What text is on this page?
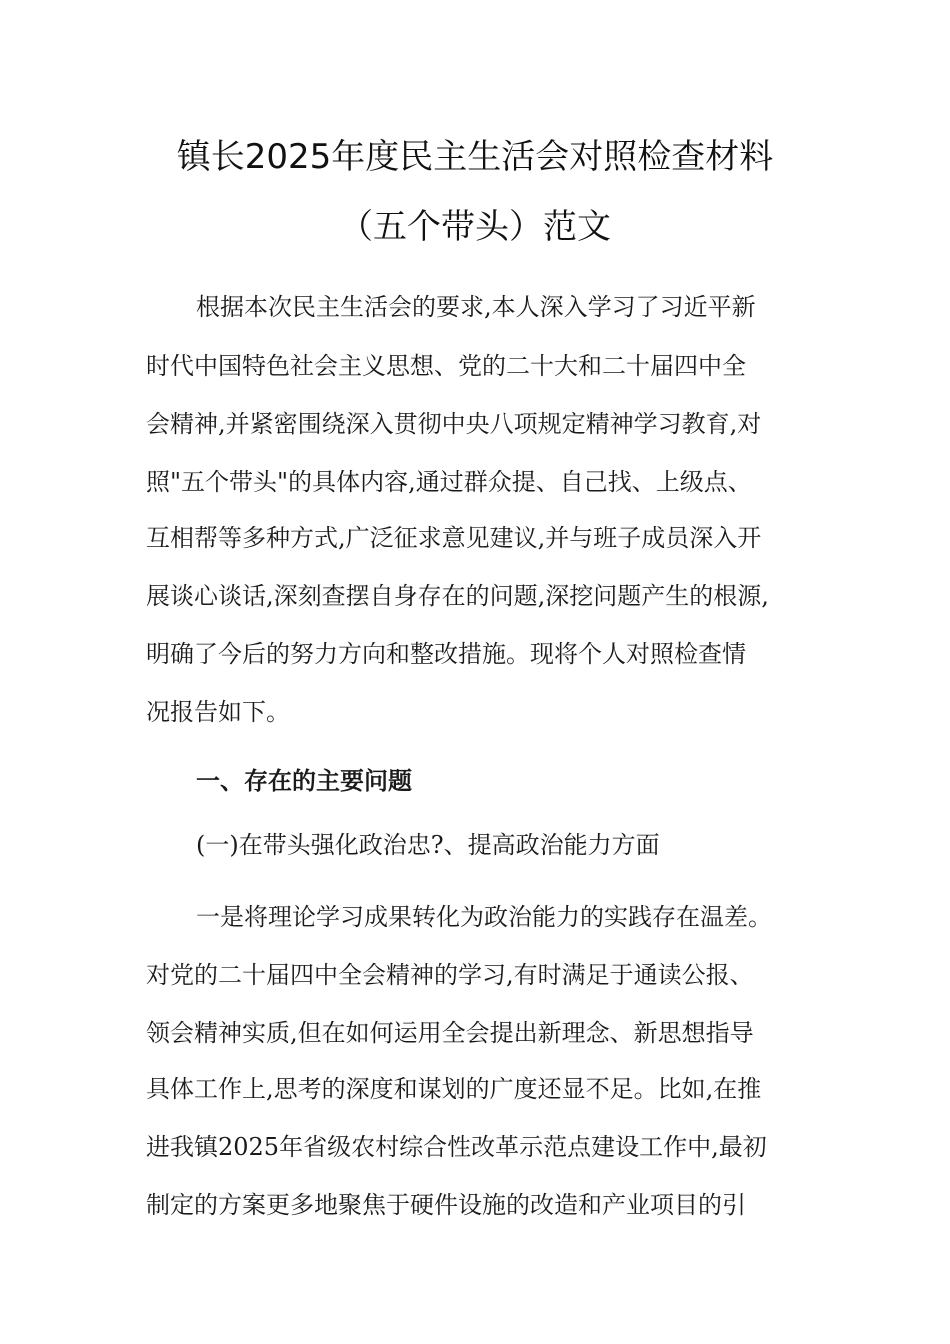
镇长2025年度民主生活会对照检查材料
（五个带头）范文
根据本次民主生活会的要求,本人深入学习了习近平新
时代中国特色社会主义思想、党的二十大和二十届四中全
会精神,并紧密围绕深入贯彻中央八项规定精神学习教育,对
照"五个带头"的具体内容,通过群众提、自己找、上级点、
互相帮等多种方式,广泛征求意见建议,并与班子成员深入开
展谈心谈话,深刻查摆自身存在的问题,深挖问题产生的根源,
明确了今后的努力方向和整改措施。现将个人对照检查情
况报告如下。
一、存在的主要问题
(一)在带头强化政治忠?、提高政治能力方面
一是将理论学习成果转化为政治能力的实践存在温差。
对党的二十届四中全会精神的学习,有时满足于通读公报、
领会精神实质,但在如何运用全会提出新理念、新思想指导
具体工作上,思考的深度和谋划的广度还显不足。比如,在推
进我镇2025年省级农村综合性改革示范点建设工作中,最初
制定的方案更多地聚焦于硬件设施的改造和产业项目的引
